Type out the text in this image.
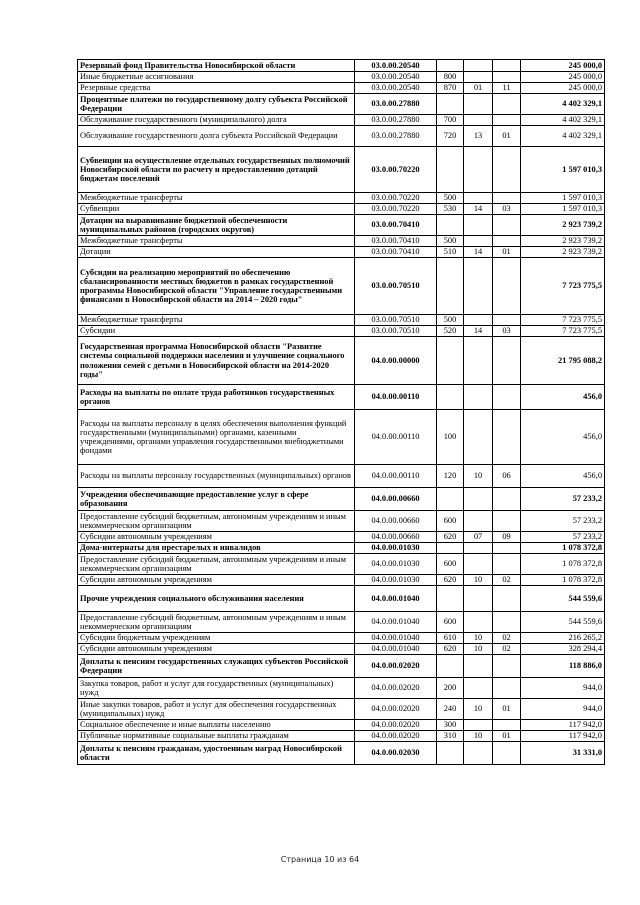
Резервный фонд Правительства Новосибирской области	03.0.00.20540				245 000,0
Иные бюджетные ассигнования	03.0.00.20540	800			245 000,0
Резервные средства	03.0.00.20540	870	01	11	245 000,0
Процентные платежи по государственному долгу субъекта Российской Федерации	03.0.00.27880				4 402 329,1
Обслуживание государственного (муниципального) долга	03.0.00.27880	700			4 402 329,1
Обслуживание государственного долга субъекта Российской Федерации	03.0.00.27880	720	13	01	4 402 329,1
Субвенции на осуществление отдельных государственных полномочий Новосибирской области по расчету и предоставлению дотаций бюджетам поселений	03.0.00.70220				1 597 010,3
Межбюджетные трансферты	03.0.00.70220	500			1 597 010,3
Субвенции	03.0.00.70220	530	14	03	1 597 010,3
Дотации на выравнивание бюджетной обеспеченности муниципальных районов (городских округов)	03.0.00.70410				2 923 739,2
Межбюджетные трансферты	03.0.00.70410	500			2 923 739,2
Дотации	03.0.00.70410	510	14	01	2 923 739,2
Субсидии на реализацию мероприятий по обеспечению сбалансированности местных бюджетов в рамках государственной программы Новосибирской области "Управление государственными финансами в Новосибирской области на 2014 – 2020 годы"	03.0.00.70510				7 723 775,5
Межбюджетные трансферты	03.0.00.70510	500			7 723 775,5
Субсидии	03.0.00.70510	520	14	03	7 723 775,5
Государственная программа Новосибирской области "Развитие системы социальной поддержки населения и улучшение социального положения семей с детьми в Новосибирской области на 2014-2020 годы"	04.0.00.00000				21 795 088,2
Расходы на выплаты по оплате труда работников государственных органов	04.0.00.00110				456,0
Расходы на выплаты персоналу в целях обеспечения выполнения функций государственными (муниципальными) органами, казенными учреждениями, органами управления государственными внебюджетными фондами	04.0.00.00110	100			456,0
Расходы на выплаты персоналу государственных (муниципальных) органов	04.0.00.00110	120	10	06	456,0
Учреждения обеспечивающие предоставление услуг в сфере образования	04.0.00.00660				57 233,2
Предоставление субсидий бюджетным, автономным учреждениям и иным некоммерческим организациям	04.0.00.00660	600			57 233,2
Субсидии автономным учреждениям	04.0.00.00660	620	07	09	57 233,2
Дома-интернаты для престарелых и инвалидов	04.0.00.01030				1 078 372,8
Предоставление субсидий бюджетным, автономным учреждениям и иным некоммерческим организациям	04.0.00.01030	600			1 078 372,8
Субсидии автономным учреждениям	04.0.00.01030	620	10	02	1 078 372,8
Прочие учреждения социального обслуживания населения	04.0.00.01040				544 559,6
Предоставление субсидий бюджетным, автономным учреждениям и иным некоммерческим организациям	04.0.00.01040	600			544 559,6
Субсидии бюджетным учреждениям	04.0.00.01040	610	10	02	216 265,2
Субсидии автономным учреждениям	04.0.00.01040	620	10	02	328 294,4
Доплаты к пенсиям государственных служащих субъектов Российской Федерации	04.0.00.02020				118 886,0
Закупка товаров, работ и услуг для государственных (муниципальных) нужд	04.0.00.02020	200			944,0
Иные закупки товаров, работ и услуг для обеспечения государственных (муниципальных) нужд	04.0.00.02020	240	10	01	944,0
Социальное обеспечение и иные выплаты населению	04.0.00.02020	300			117 942,0
Публичные нормативные социальные выплаты гражданам	04.0.00.02020	310	10	01	117 942,0
Доплаты к пенсиям гражданам, удостоенным наград Новосибирской области	04.0.00.02030				31 331,0
Страница 10 из 64
